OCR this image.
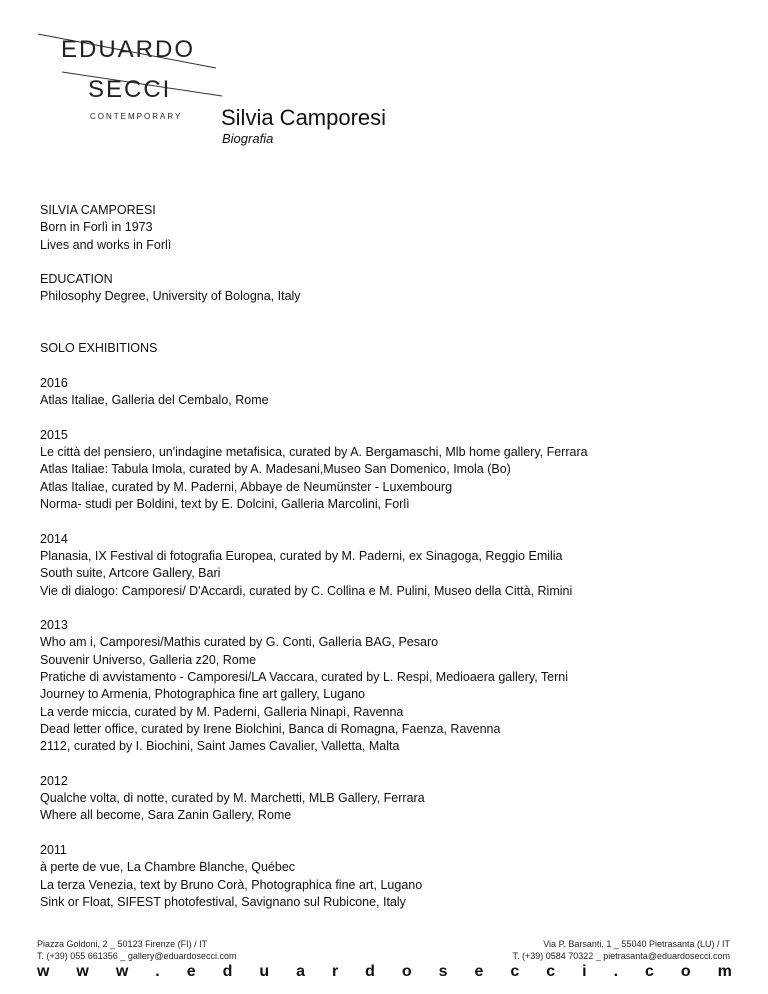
EDUARDO
SECCI
CONTEMPORARY Silvia Camporesi
Biografia
SILVIA CAMPORESI
Born in Forlì in 1973
Lives and works in Forlì
EDUCATION
Philosophy Degree, University of Bologna, Italy
SOLO EXHIBITIONS
2016
Atlas Italiae, Galleria del Cembalo, Rome
2015
Le città del pensiero, un'indagine metafisica, curated by A. Bergamaschi, Mlb home gallery, Ferrara
Atlas Italiae: Tabula Imola, curated by A. Madesani,Museo San Domenico, Imola (Bo)
Atlas Italiae, curated by M. Paderni, Abbaye de Neumünster - Luxembourg
Norma- studi per Boldini, text by E. Dolcini, Galleria Marcolini, Forlì
2014
Planasia, IX Festival di fotografia Europea, curated by M. Paderni, ex Sinagoga, Reggio Emilia
South suite, Artcore Gallery, Bari
Vie di dialogo: Camporesi/ D'Accardi, curated by C. Collina e M. Pulini, Museo della Città, Rimini
2013
Who am i, Camporesi/Mathis curated by G. Conti, Galleria BAG, Pesaro
Souvenir Universo, Galleria z20, Rome
Pratiche di avvistamento - Camporesi/LA Vaccara, curated by L. Respi, Medioaera gallery, Terni
Journey to Armenia, Photographica fine art gallery, Lugano
La verde miccia, curated by M. Paderni, Galleria Ninapì, Ravenna
Dead letter office, curated by Irene Biolchini, Banca di Romagna, Faenza, Ravenna
2112, curated by I. Biochini, Saint James Cavalier, Valletta, Malta
2012
Qualche volta, di notte, curated by M. Marchetti, MLB Gallery, Ferrara
Where all become, Sara Zanin Gallery, Rome
2011
à perte de vue, La Chambre Blanche, Québec
La terza Venezia, text by Bruno Corà, Photographica fine art, Lugano
Sink or Float, SIFEST photofestival, Savignano sul Rubicone, Italy
Piazza Goldoni, 2 _ 50123 Firenze (FI) / IT
T. (+39) 055 661356 _ gallery@eduardosecci.com
Via P. Barsanti, 1 _ 55040 Pietrasanta (LU) / IT
T. (+39) 0584 70322 _ pietrasanta@eduardosecci.com
w w w . e d u a r d o s e c c i . c o m
